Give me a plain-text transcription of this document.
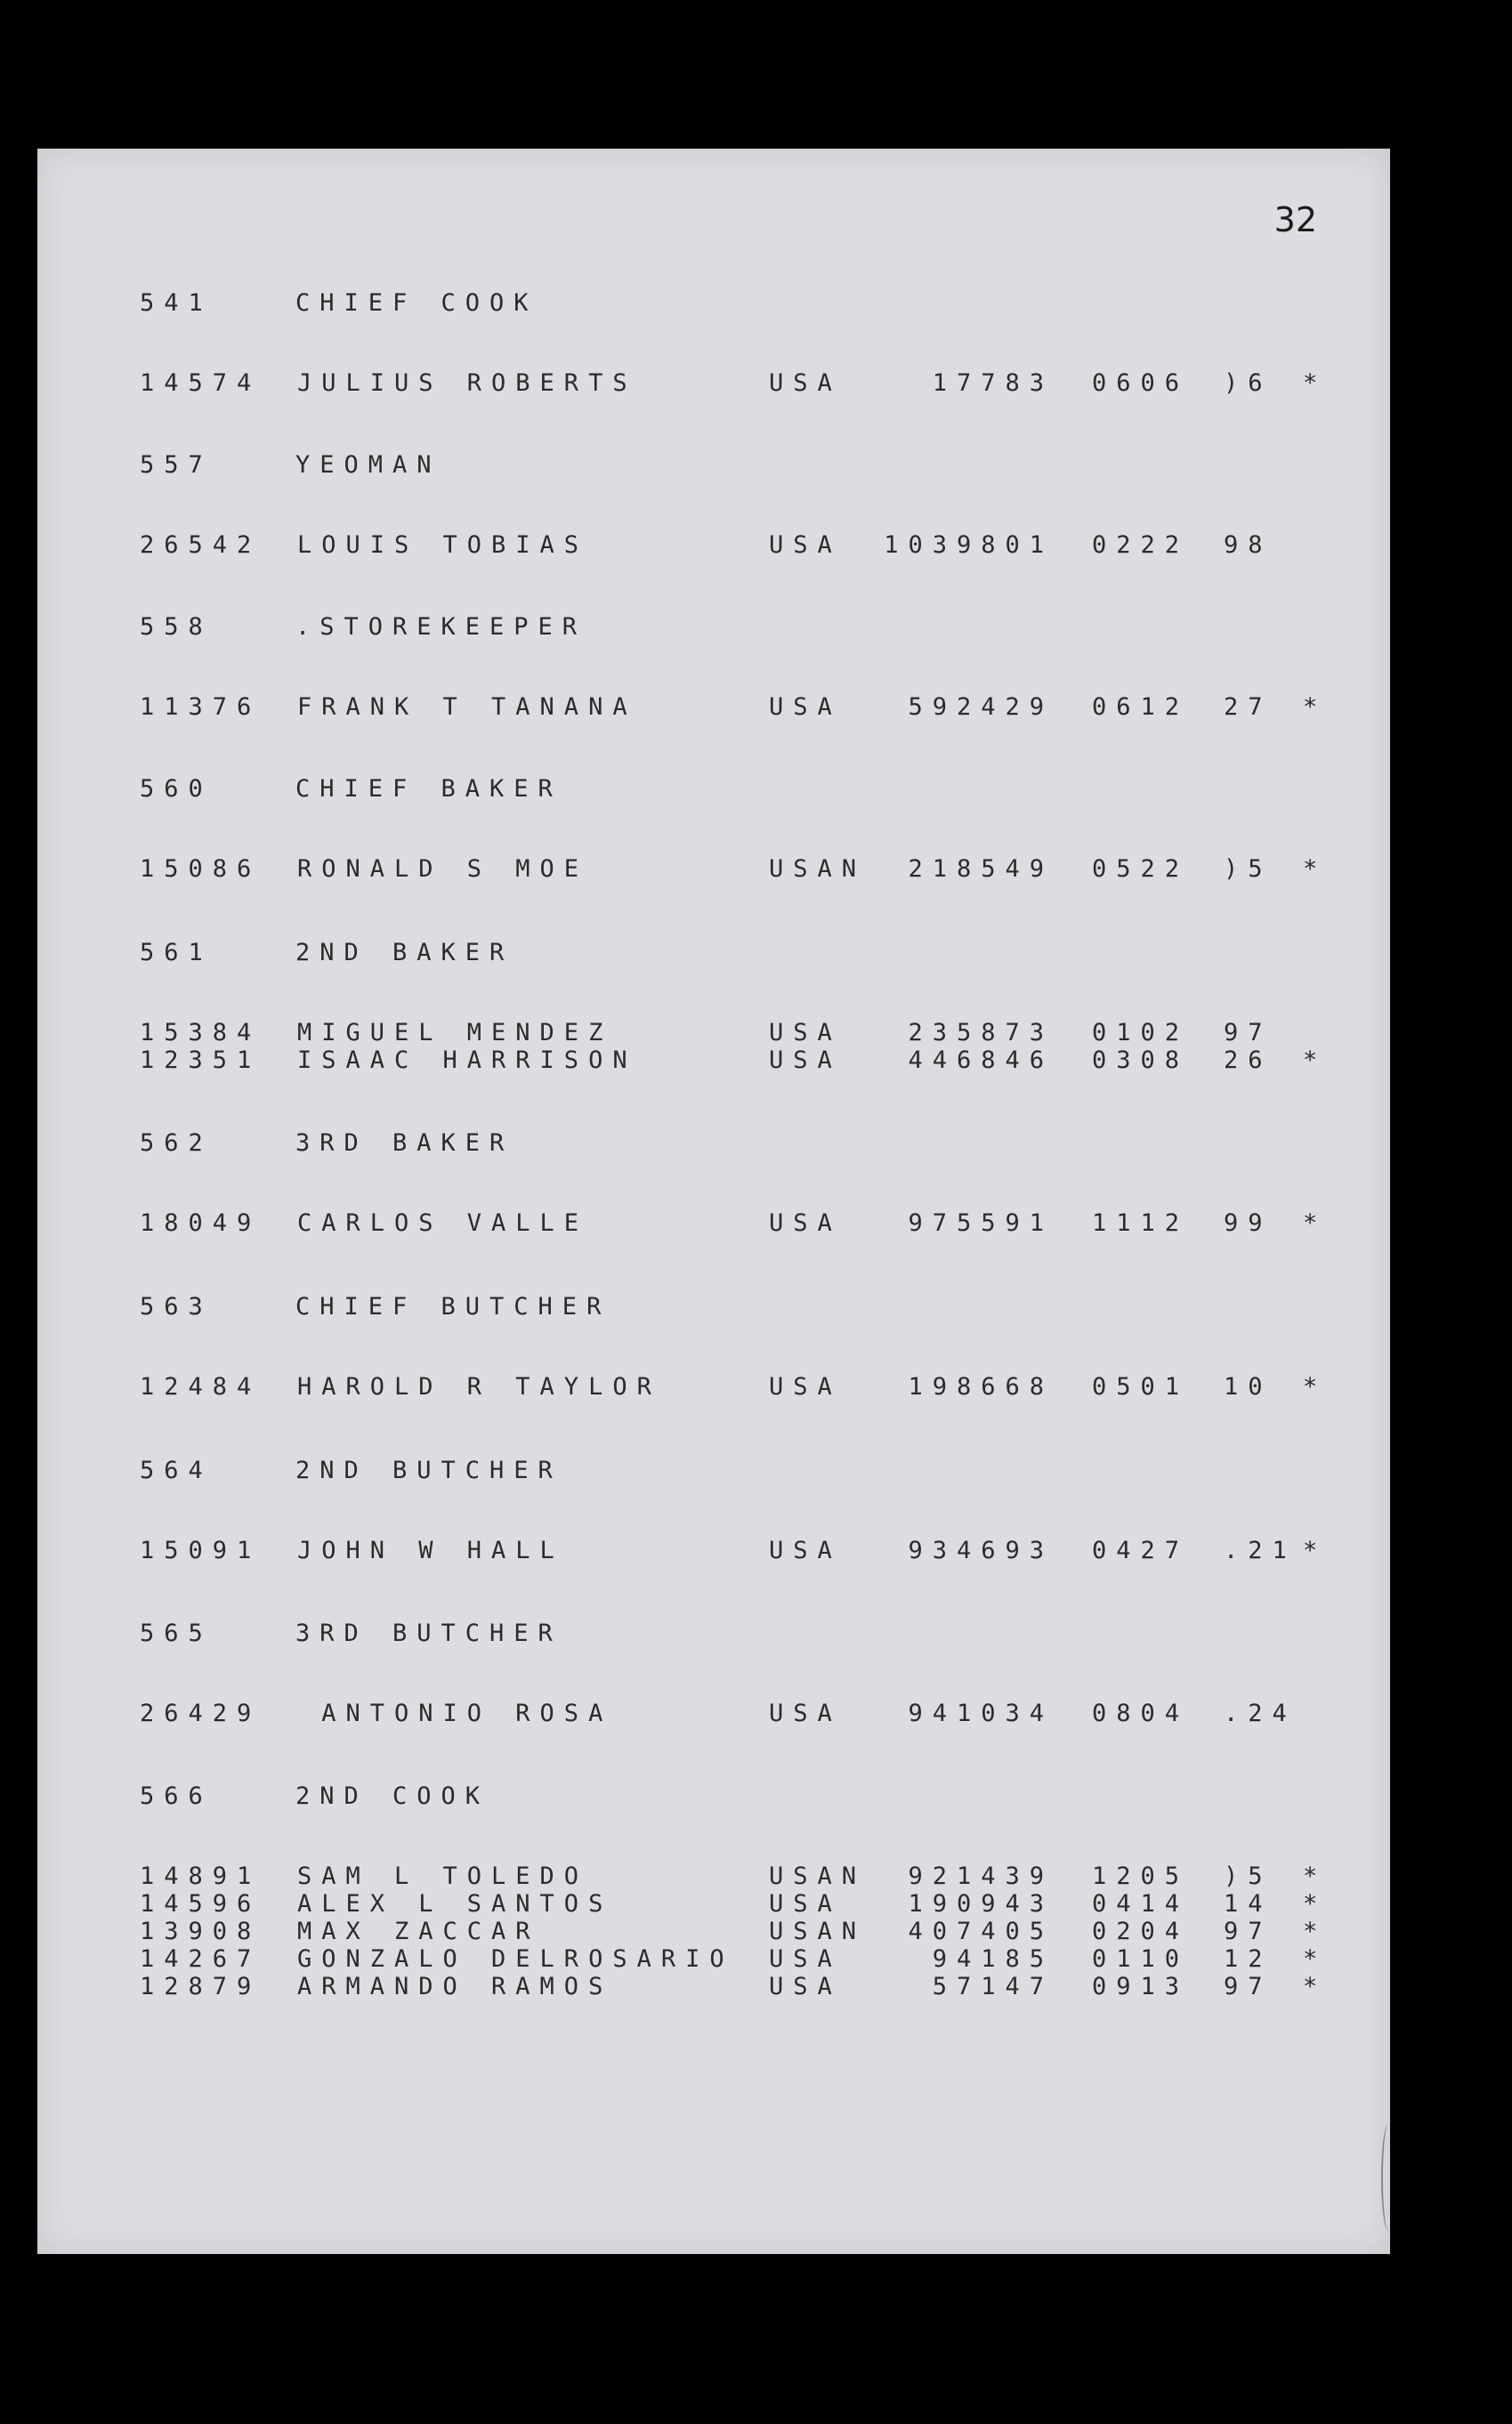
32
541	CHIEF COOK
14574 JULIUS ROBERTS	USA	17783 0606 )6 *
557	YEOMAN
26542 LOUIS TOBIAS	USA 1039801 0222 98
558	.STOREKEEPER
11376 FRANK T TANANA	USA	592429 0612 27 *
560	CHIEF BAKER
15086 RONALD S MOE	USAN 218549 0522 )5 *
561	2ND BAKER
15384 MIGUEL MENDEZ	USA	235873 0102 97
12351 ISAAC HARRISON	USA	446846 0308 26 *
562	3RD BAKER
18049 CARLOS VALLE	USA	975591 1112 99 *
563	CHIEF BUTCHER
12484 HAROLD R TAYLOR	USA	198668 0501 10 *
564	2ND BUTCHER
15091 JOHN W HALL	USA	934693 0427 .21 *
565	3RD BUTCHER
26429 ANTONIO ROSA	USA	941034 0804 .24
566	2ND COOK
14891 SAM L TOLEDO	USAN 921439 1205 )5 *
14596 ALEX L SANTOS	USA	190943 0414 14 *
13908 MAX ZACCAR	USAN 407405 0204 97 *
14267 GONZALO DELROSARIO USA	94185 0110 12 *
12879 ARMANDO RAMOS	USA	57147 0913 97 *
